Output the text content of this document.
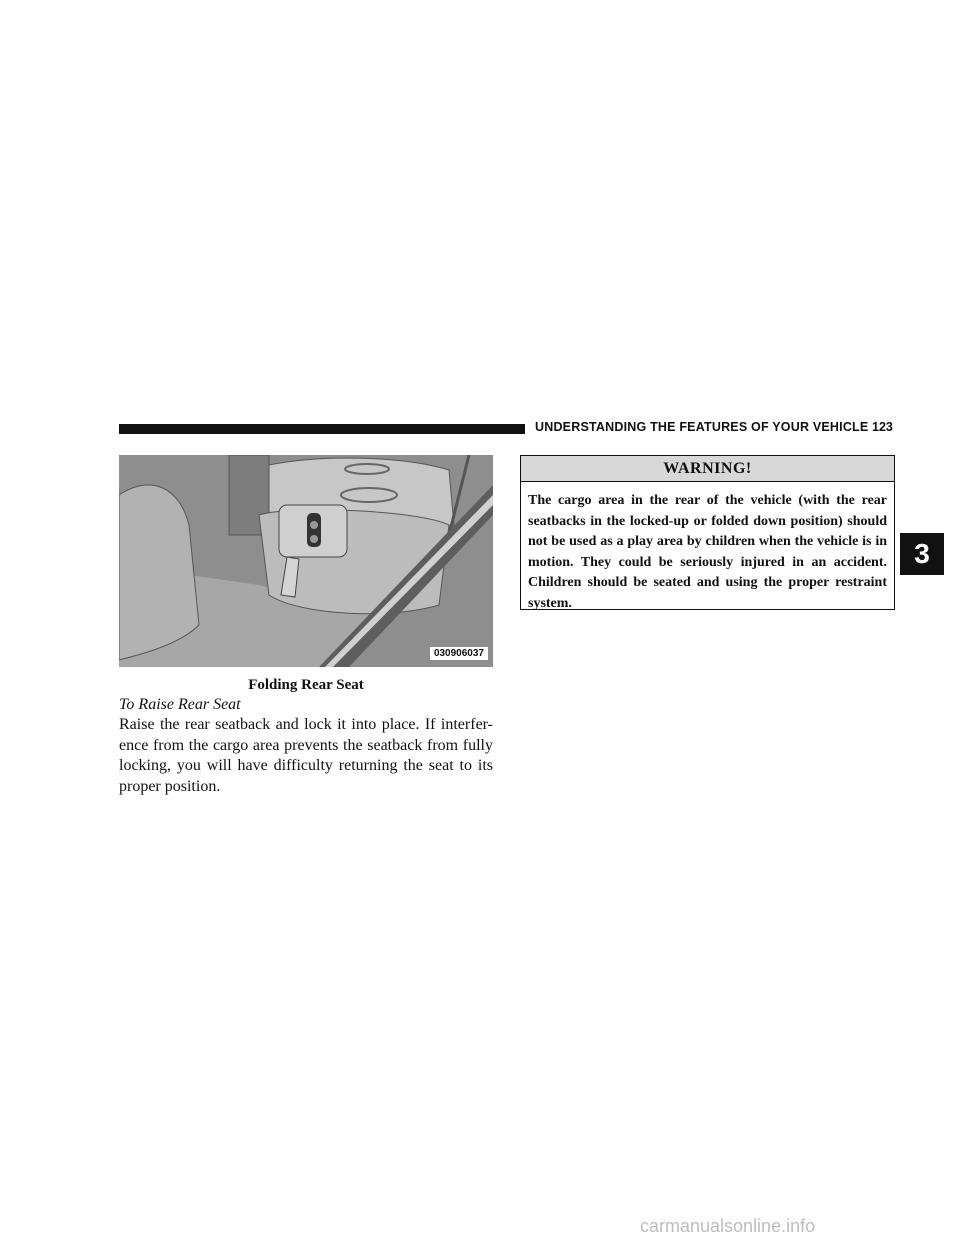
UNDERSTANDING THE FEATURES OF YOUR VEHICLE 123
030906037
Folding Rear Seat
To Raise Rear Seat
Raise the rear seatback and lock it into place. If interfer-ence from the cargo area prevents the seatback from fully locking, you will have difficulty returning the seat to its proper position.
WARNING!
The cargo area in the rear of the vehicle (with the rear seatbacks in the locked-up or folded down position) should not be used as a play area by children when the vehicle is in motion. They could be seriously injured in an accident. Children should be seated and using the proper restraint system.
3
carmanualsonline.info
